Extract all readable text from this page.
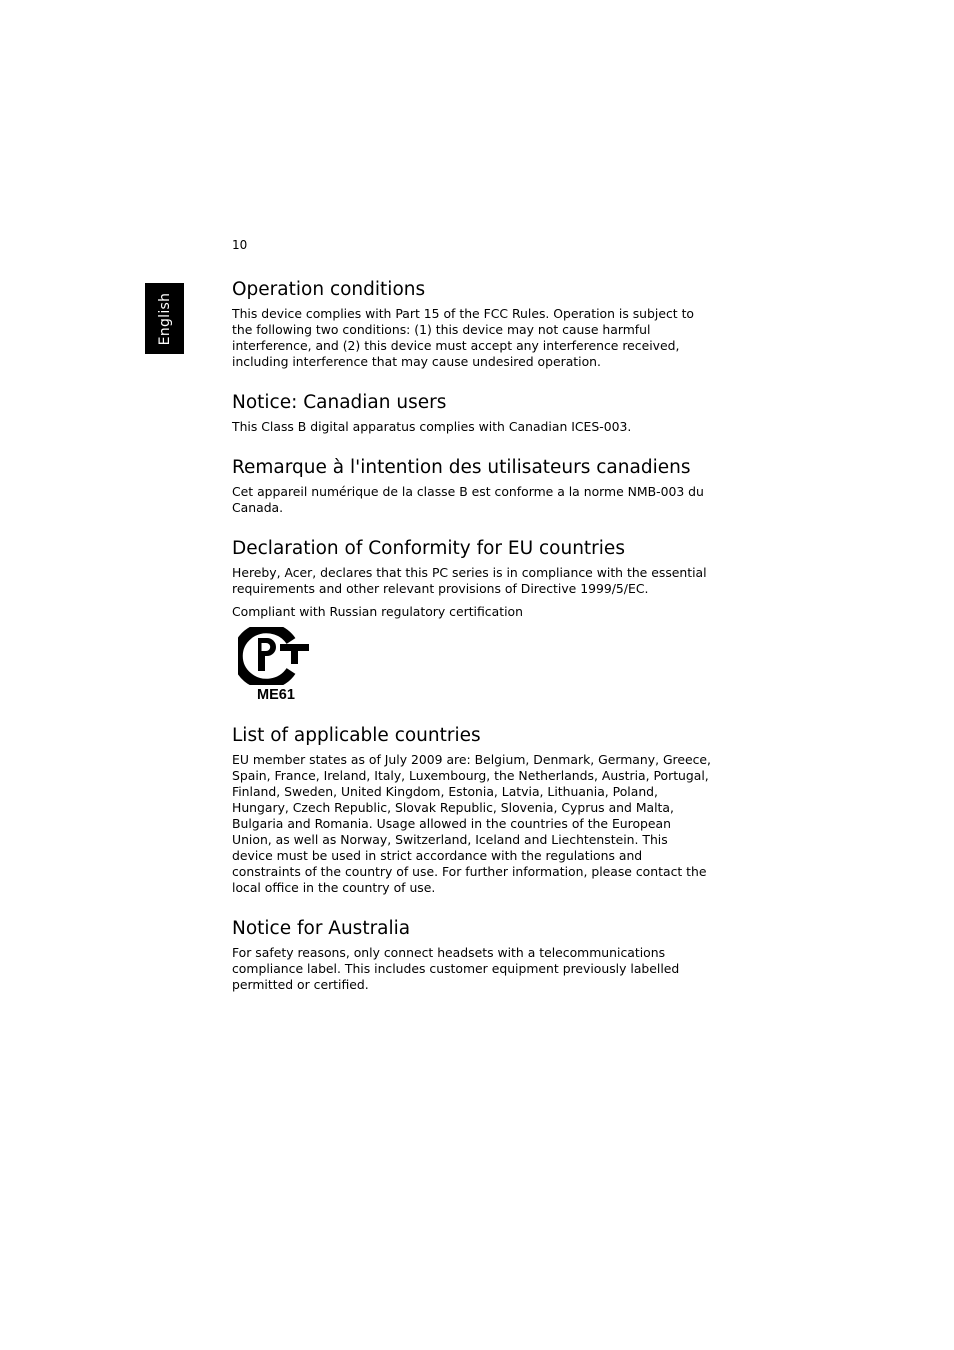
10
English
Operation conditions

This device complies with Part 15 of the FCC Rules. Operation is subject to the following two conditions: (1) this device may not cause harmful interference, and (2) this device must accept any interference received, including interference that may cause undesired operation.

Notice: Canadian users

This Class B digital apparatus complies with Canadian ICES-003.

Remarque à l'intention des utilisateurs canadiens

Cet appareil numérique de la classe B est conforme a la norme NMB-003 du Canada.

Declaration of Conformity for EU countries

Hereby, Acer, declares that this PC series is in compliance with the essential requirements and other relevant provisions of Directive 1999/5/EC.

Compliant with Russian regulatory certification

ME61
List of applicable countries

EU member states as of July 2009 are: Belgium, Denmark, Germany, Greece, Spain, France, Ireland, Italy, Luxembourg, the Netherlands, Austria, Portugal, Finland, Sweden, United Kingdom, Estonia, Latvia, Lithuania, Poland, Hungary, Czech Republic, Slovak Republic, Slovenia, Cyprus and Malta, Bulgaria and Romania. Usage allowed in the countries of the European Union, as well as Norway, Switzerland, Iceland and Liechtenstein. This device must be used in strict accordance with the regulations and constraints of the country of use. For further information, please contact the local office in the country of use.

Notice for Australia

For safety reasons, only connect headsets with a telecommunications compliance label. This includes customer equipment previously labelled permitted or certified.
